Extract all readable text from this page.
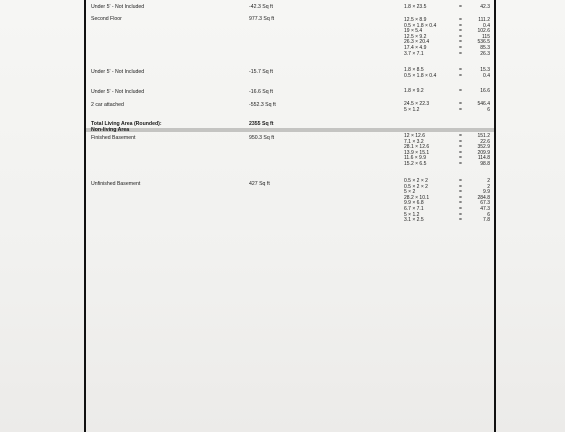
Under 5' - Not Included	-42.3 Sq ft	1.8 × 23.5	=	42.3
Second Floor	977.3 Sq ft	12.5 × 8.9	=	111.2
0.5 × 1.8 × 0.4	=	0.4
19 × 5.4	=	102.6
12.5 × 9.2	=	115
26.3 × 20.4	=	536.5
17.4 × 4.9	=	85.3
3.7 × 7.1	=	26.3
Under 5' - Not Included	-15.7 Sq ft	1.8 × 8.5	=	15.3
0.5 × 1.8 × 0.4	=	0.4
Under 5' - Not Included	-16.6 Sq ft	1.8 × 9.2	=	16.6
2 car attached	-552.3 Sq ft	24.5 × 22.3	=	546.4
5 × 1.2	=	6
Total Living Area (Rounded):	2355 Sq ft
Non-living Area
Finished Basement	950.3 Sq ft	12 × 12.6	=	151.2
7.1 × 3.2	=	22.6
28.1 × 12.6	=	352.9
13.9 × 15.1	=	209.9
11.6 × 9.9	=	114.8
15.2 × 6.5	=	98.8
Unfinished Basement	427 Sq ft	0.5 × 2 × 2	=	2
0.5 × 2 × 2	=	2
5 × 2	=	9.9
28.2 × 10.1	=	284.8
9.9 × 6.8	=	67.3
6.7 × 7.1	=	47.3
5 × 1.2	=	6
3.1 × 2.5	=	7.8
